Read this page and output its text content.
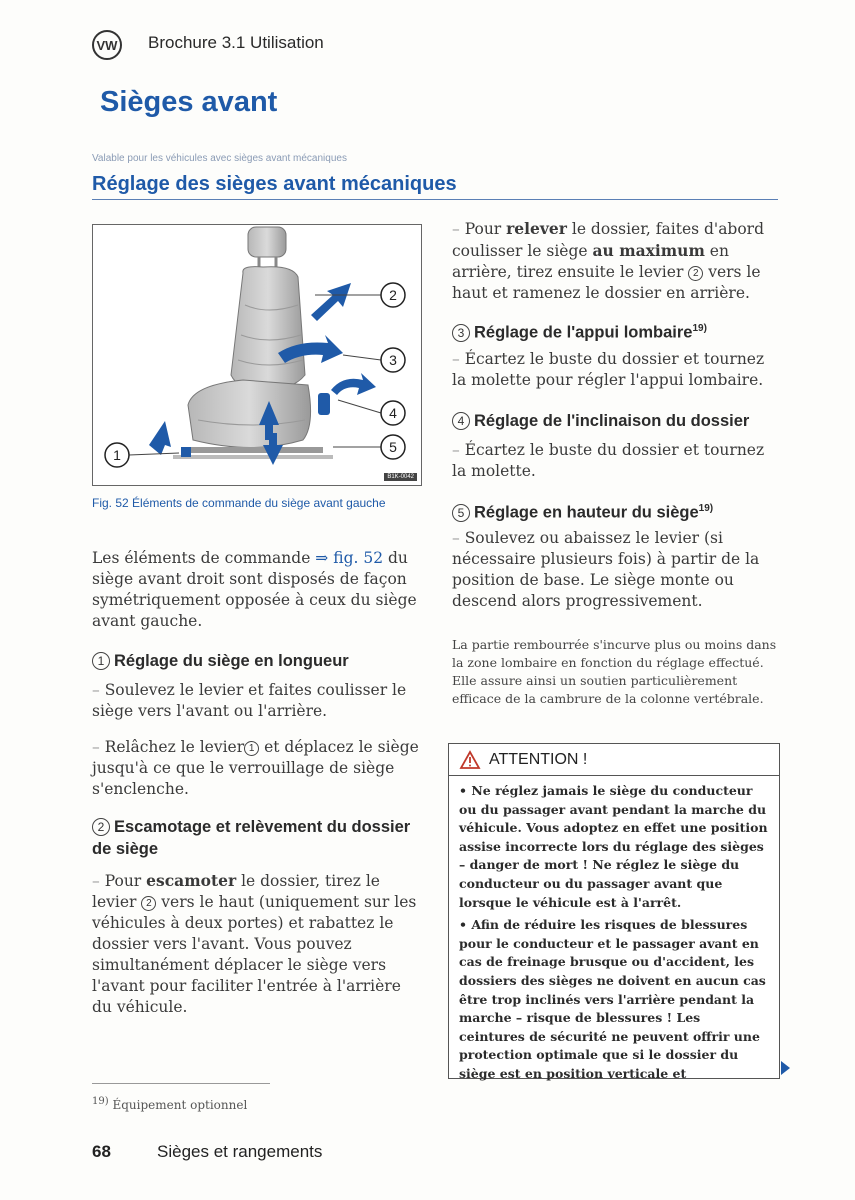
VW Brochure 3.1 Utilisation
Sièges avant
Valable pour les véhicules avec sièges avant mécaniques
Réglage des sièges avant mécaniques
1
2
3
4
5
B1K-0042
Fig. 52 Éléments de commande du siège avant gauche
Les éléments de commande ⇒ fig. 52 du siège avant droit sont disposés de façon symétriquement opposée à ceux du siège avant gauche.
1 Réglage du siège en longueur
– Soulevez le levier et faites coulisser le siège vers l'avant ou l'arrière.
– Relâchez le levier 1 et déplacez le siège jusqu'à ce que le verrouillage de siège s'enclenche.
2 Escamotage et relèvement du dossier de siège
– Pour escamoter le dossier, tirez le levier 2 vers le haut (uniquement sur les véhicules à deux portes) et rabattez le dossier vers l'avant. Vous pouvez simultanément déplacer le siège vers l'avant pour faciliter l'entrée à l'arrière du véhicule.
– Pour relever le dossier, faites d'abord coulisser le siège au maximum en arrière, tirez ensuite le levier 2 vers le haut et ramenez le dossier en arrière.
3 Réglage de l'appui lombaire$^{19)}$
– Écartez le buste du dossier et tournez la molette pour régler l'appui lombaire.
4 Réglage de l'inclinaison du dossier
– Écartez le buste du dossier et tournez la molette.
5 Réglage en hauteur du siège$^{19)}$
– Soulevez ou abaissez le levier (si nécessaire plusieurs fois) à partir de la position de base. Le siège monte ou descend alors progressivement.
La partie rembourrée s'incurve plus ou moins dans la zone lombaire en fonction du réglage effectué. Elle assure ainsi un soutien particulièrement efficace de la cambrure de la colonne vertébrale.
ATTENTION !
• Ne réglez jamais le siège du conducteur ou du passager avant pendant la marche du véhicule. Vous adoptez en effet une position assise incorrecte lors du réglage des sièges – danger de mort ! Ne réglez le siège du conducteur ou du passager avant que lorsque le véhicule est à l'arrêt.
• Afin de réduire les risques de blessures pour le conducteur et le passager avant en cas de freinage brusque ou d'accident, les dossiers des sièges ne doivent en aucun cas être trop inclinés vers l'arrière pendant la marche – risque de blessures ! Les ceintures de sécurité ne peuvent offrir une protection optimale que si le dossier du siège est en position verticale et
$^{19)}$ Équipement optionnel
68	Sièges et rangements
